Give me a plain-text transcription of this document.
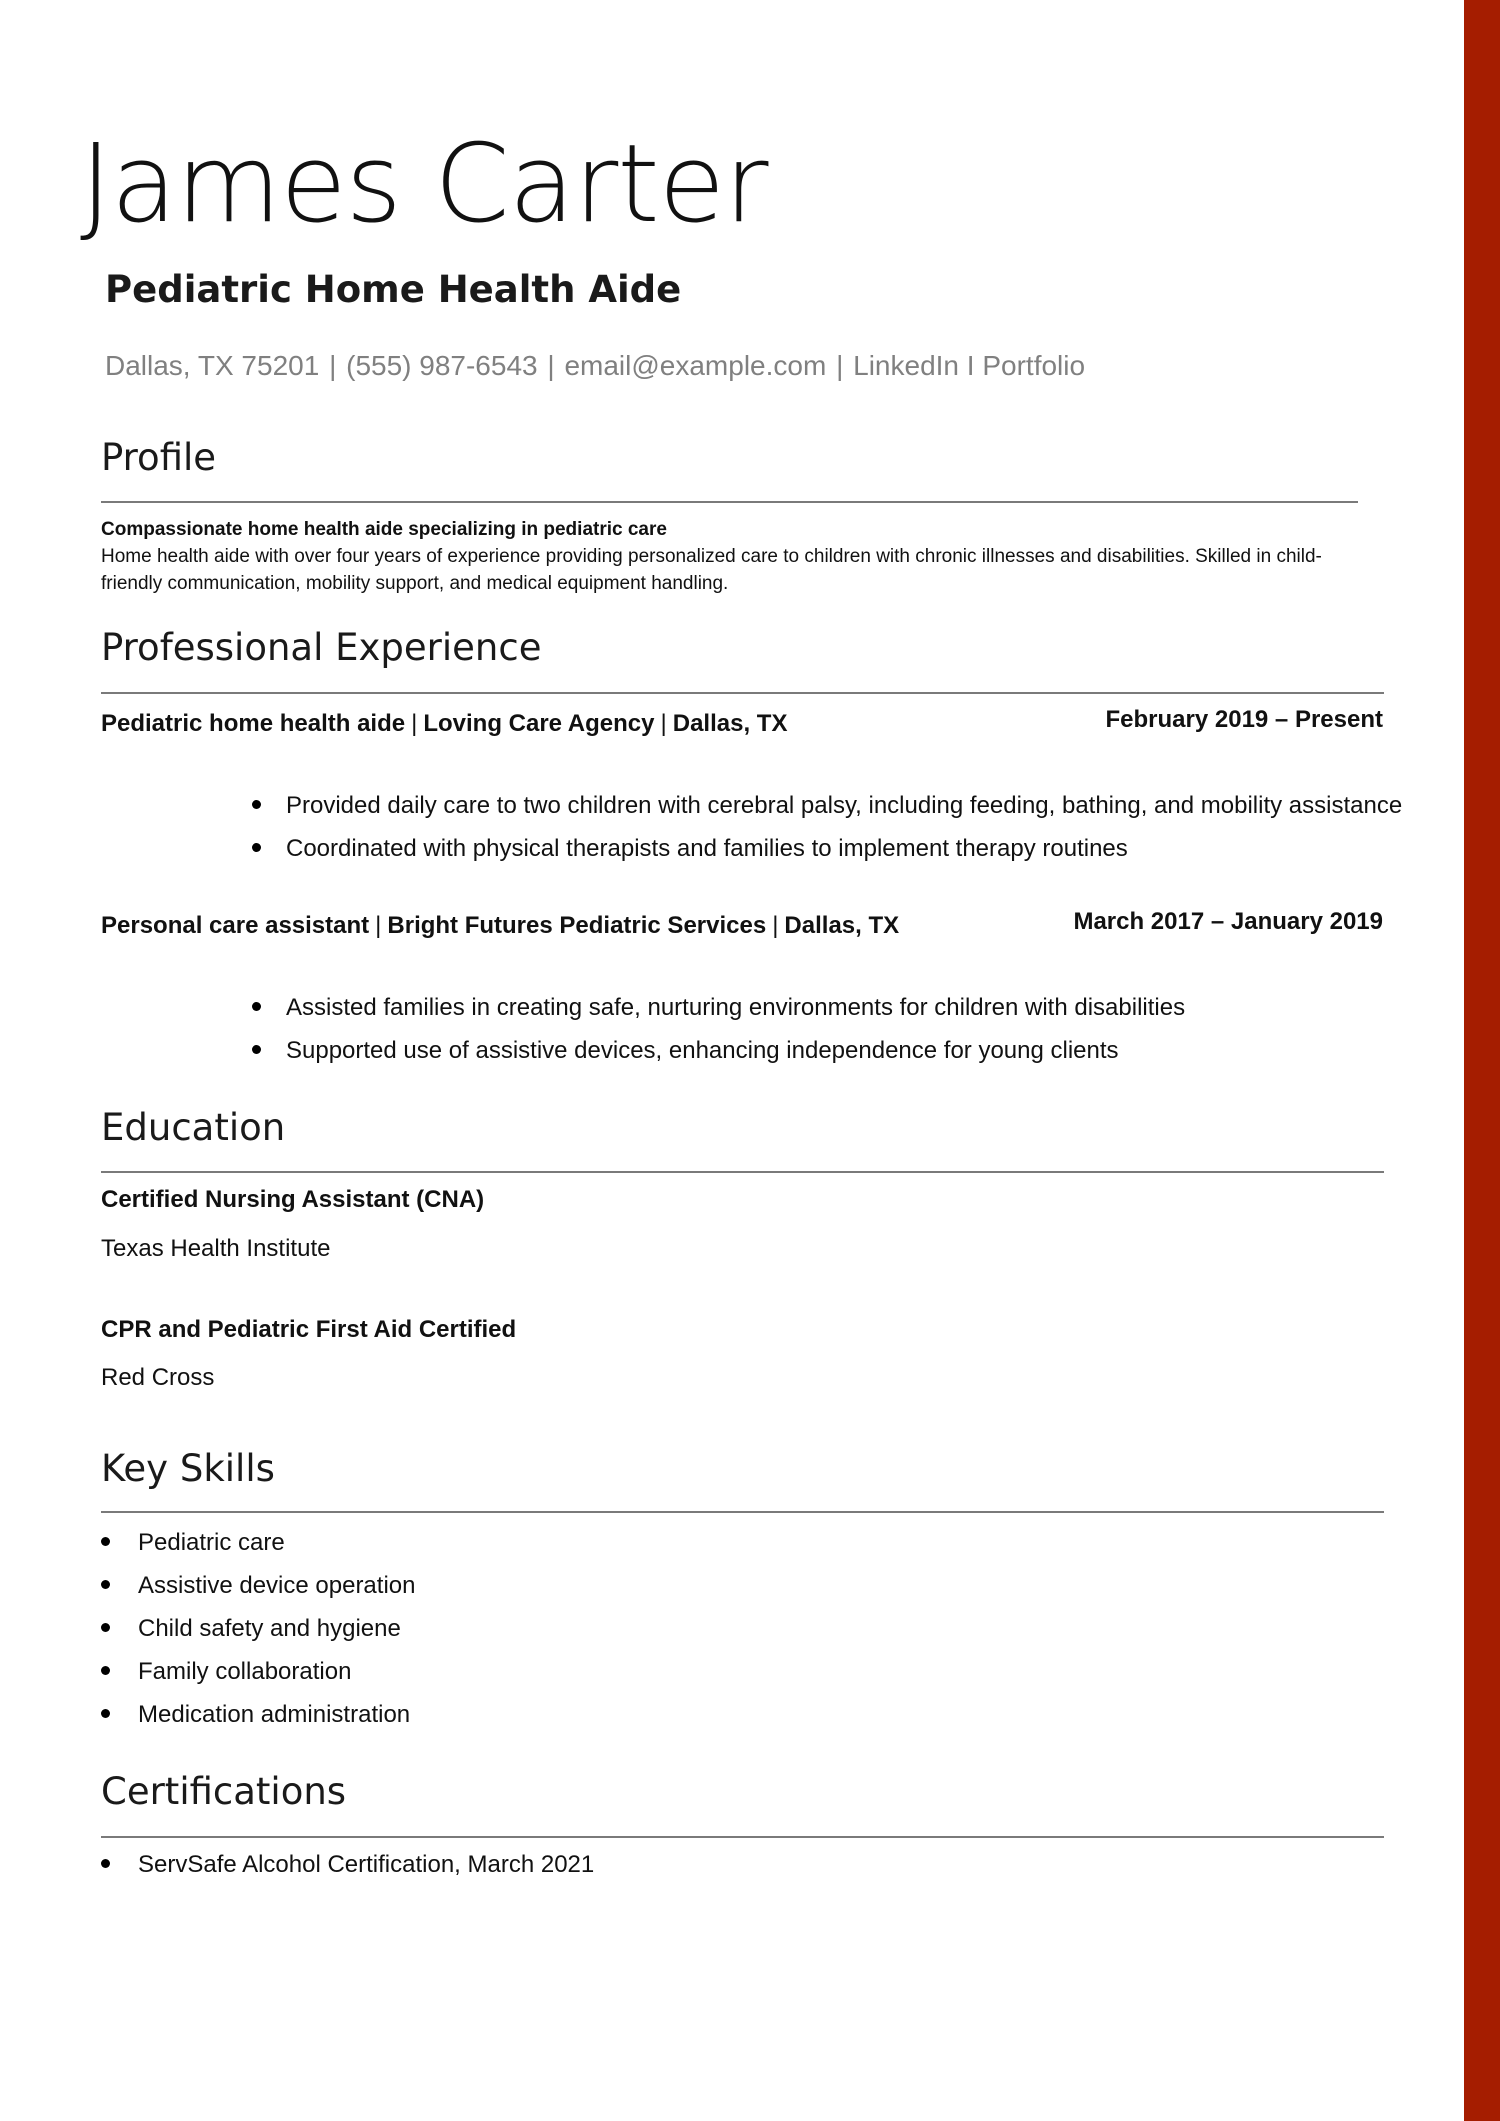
James Carter
Pediatric Home Health Aide
Dallas, TX 75201 | (555) 987-6543 | email@example.com | LinkedIn I Portfolio
Profile
Compassionate home health aide specializing in pediatric care
Home health aide with over four years of experience providing personalized care to children with chronic illnesses and disabilities. Skilled in child-friendly communication, mobility support, and medical equipment handling.
Professional Experience
Pediatric home health aide | Loving Care Agency | Dallas, TX	February 2019 – Present
Provided daily care to two children with cerebral palsy, including feeding, bathing, and mobility assistance
Coordinated with physical therapists and families to implement therapy routines
Personal care assistant | Bright Futures Pediatric Services | Dallas, TX	March 2017 – January 2019
Assisted families in creating safe, nurturing environments for children with disabilities
Supported use of assistive devices, enhancing independence for young clients
Education
Certified Nursing Assistant (CNA)
Texas Health Institute
CPR and Pediatric First Aid Certified
Red Cross
Key Skills
Pediatric care
Assistive device operation
Child safety and hygiene
Family collaboration
Medication administration
Certifications
ServSafe Alcohol Certification, March 2021
